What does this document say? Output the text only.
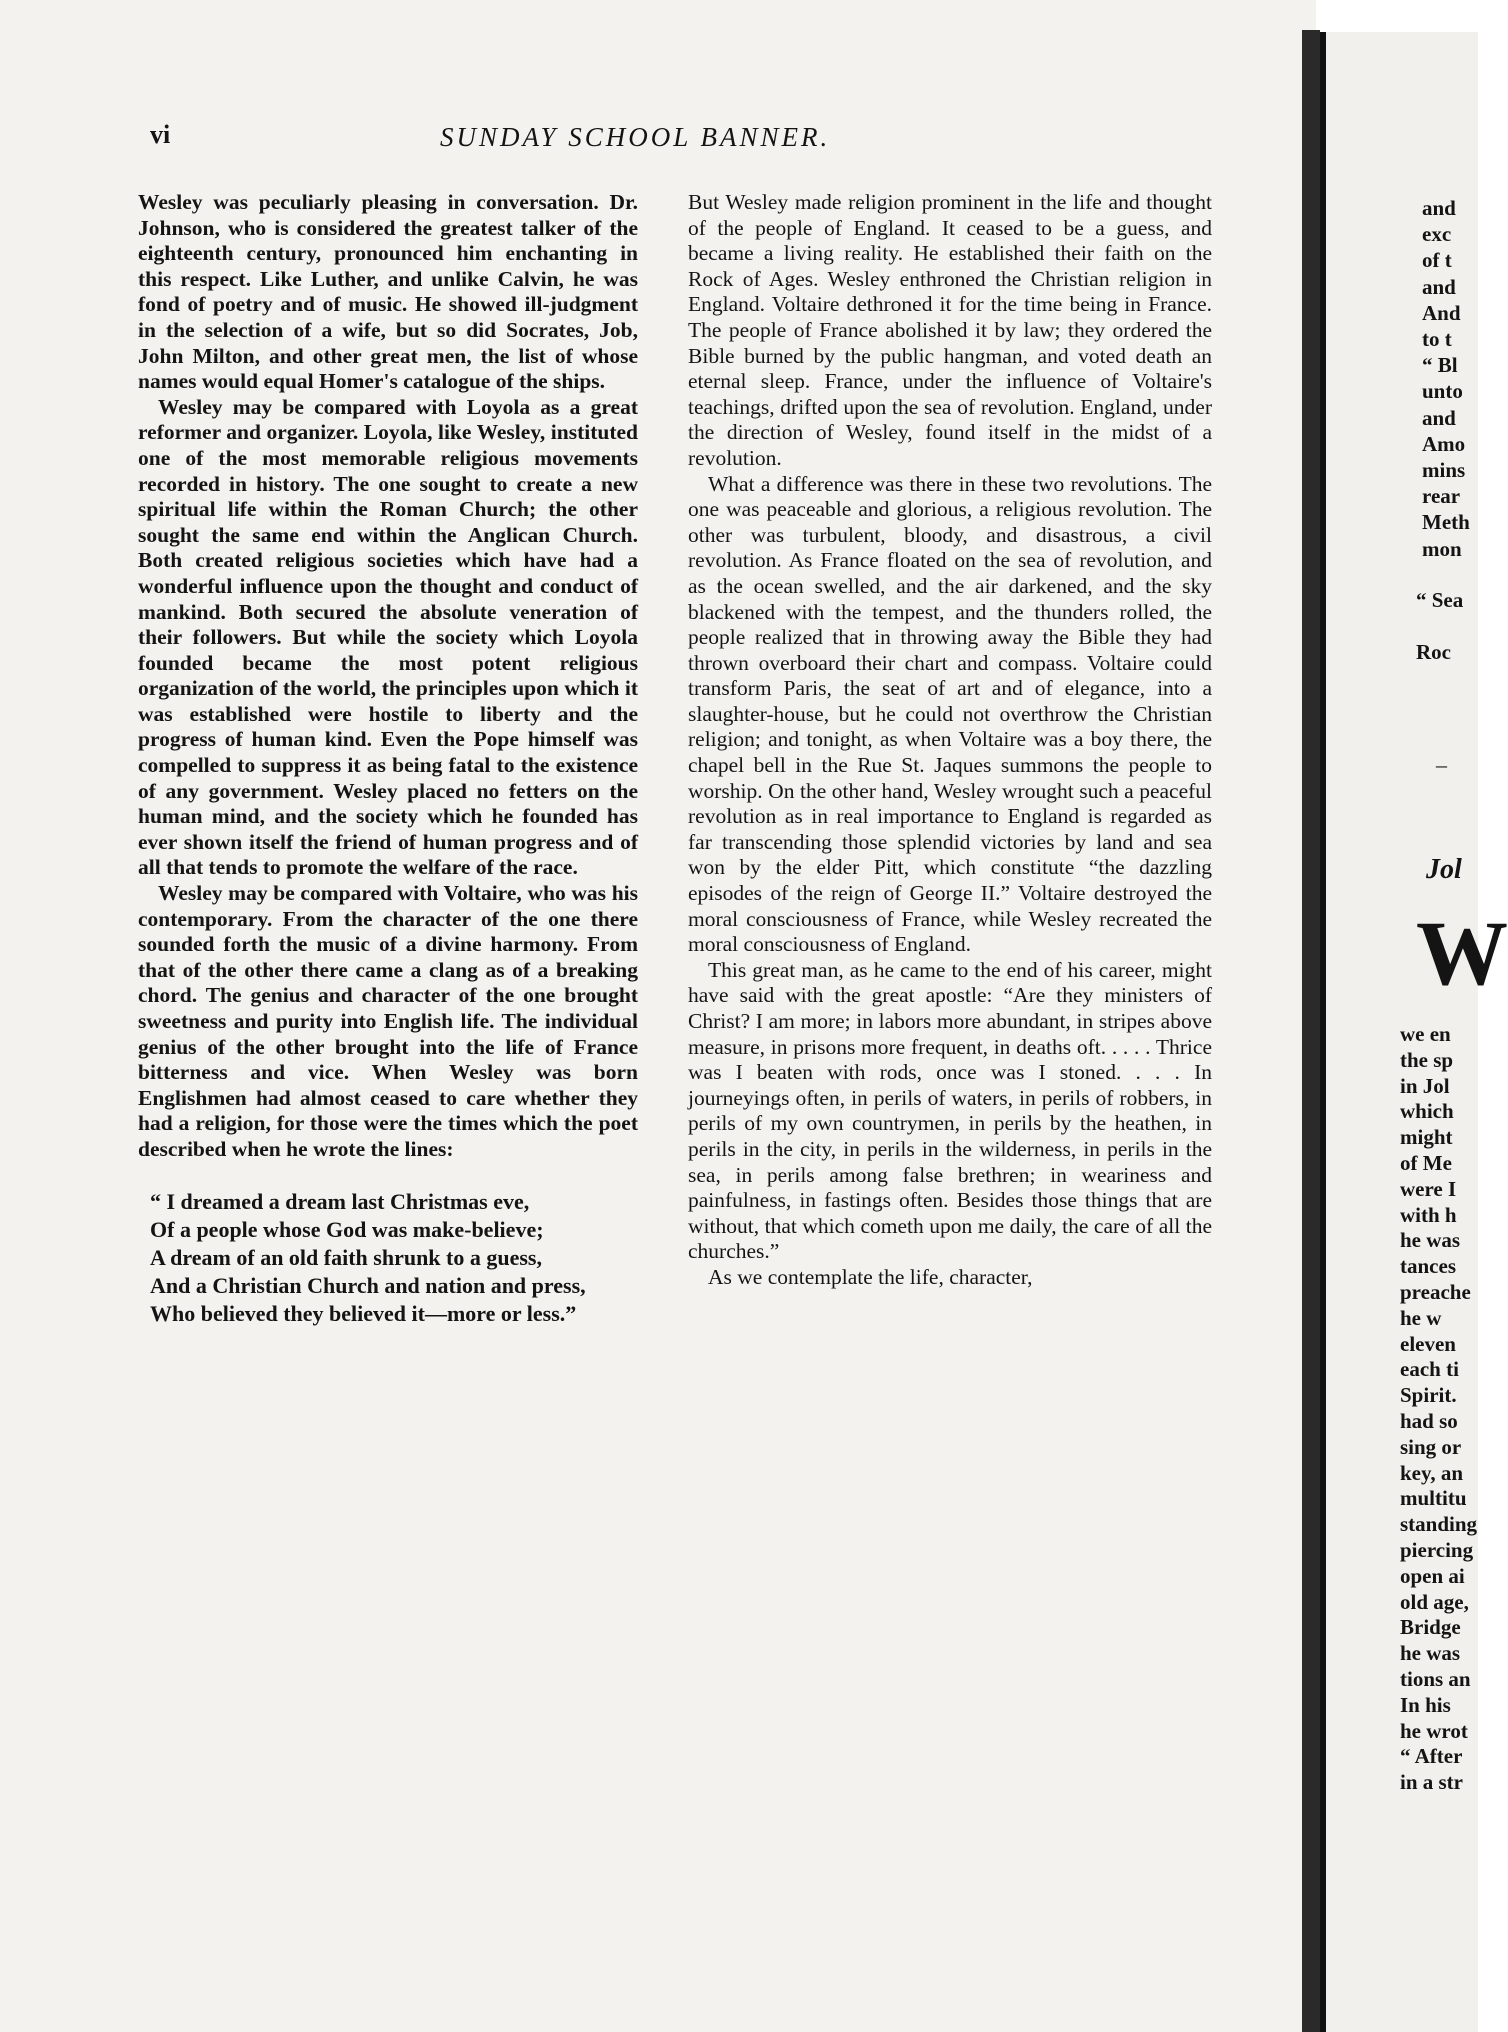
vi	SUNDAY SCHOOL BANNER.

Wesley was peculiarly pleasing in conversation. Dr. Johnson, who is considered the greatest talker of the eighteenth century, pronounced him enchanting in this respect. Like Luther, and unlike Calvin, he was fond of poetry and of music. He showed ill-judgment in the selection of a wife, but so did Socrates, Job, John Milton, and other great men, the list of whose names would equal Homer's catalogue of the ships.

Wesley may be compared with Loyola as a great reformer and organizer. Loyola, like Wesley, instituted one of the most memorable religious movements recorded in history. The one sought to create a new spiritual life within the Roman Church; the other sought the same end within the Anglican Church. Both created religious societies which have had a wonderful influence upon the thought and conduct of mankind. Both secured the absolute veneration of their followers. But while the society which Loyola founded became the most potent religious organization of the world, the principles upon which it was established were hostile to liberty and the progress of human kind. Even the Pope himself was compelled to suppress it as being fatal to the existence of any government. Wesley placed no fetters on the human mind, and the society which he founded has ever shown itself the friend of human progress and of all that tends to promote the welfare of the race.

Wesley may be compared with Voltaire, who was his contemporary. From the character of the one there sounded forth the music of a divine harmony. From that of the other there came a clang as of a breaking chord. The genius and character of the one brought sweetness and purity into English life. The individual genius of the other brought into the life of France bitterness and vice. When Wesley was born Englishmen had almost ceased to care whether they had a religion, for those were the times which the poet described when he wrote the lines:

“ I dreamed a dream last Christmas eve,
Of a people whose God was make-believe;
A dream of an old faith shrunk to a guess,
And a Christian Church and nation and press,
Who believed they believed it—more or less.”

But Wesley made religion prominent in the life and thought of the people of England. It ceased to be a guess, and became a living reality. He established their faith on the Rock of Ages. Wesley enthroned the Christian religion in England. Voltaire dethroned it for the time being in France. The people of France abolished it by law; they ordered the Bible burned by the public hangman, and voted death an eternal sleep. France, under the influence of Voltaire's teachings, drifted upon the sea of revolution. England, under the direction of Wesley, found itself in the midst of a revolution.

What a difference was there in these two revolutions. The one was peaceable and glorious, a religious revolution. The other was turbulent, bloody, and disastrous, a civil revolution. As France floated on the sea of revolution, and as the ocean swelled, and the air darkened, and the sky blackened with the tempest, and the thunders rolled, the people realized that in throwing away the Bible they had thrown overboard their chart and compass. Voltaire could transform Paris, the seat of art and of elegance, into a slaughter-house, but he could not overthrow the Christian religion; and tonight, as when Voltaire was a boy there, the chapel bell in the Rue St. Jaques summons the people to worship. On the other hand, Wesley wrought such a peaceful revolution as in real importance to England is regarded as far transcending those splendid victories by land and sea won by the elder Pitt, which constitute “the dazzling episodes of the reign of George II.” Voltaire destroyed the moral consciousness of France, while Wesley recreated the moral consciousness of England.

This great man, as he came to the end of his career, might have said with the great apostle: “Are they ministers of Christ? I am more; in labors more abundant, in stripes above measure, in prisons more frequent, in deaths oft. . . . . Thrice was I beaten with rods, once was I stoned. . . . In journeyings often, in perils of waters, in perils of robbers, in perils of my own countrymen, in perils by the heathen, in perils in the city, in perils in the wilderness, in perils in the sea, in perils among false brethren; in weariness and painfulness, in fastings often. Besides those things that are without, that which cometh upon me daily, the care of all the churches.”

As we contemplate the life, character,

and
exc
of t
and
And
to t
“ Bl
unto
and
Amo
mins
rear
Meth
mon
“ Sea
Roc
–
Jol
W
we en
the sp
in Jol
which
might
of Me
were I
with h
he was
tances
preache
he w
eleven
each ti
Spirit.
had so
sing or
key, an
multitu
standing
piercing
open ai
old age,
Bridge
he was
tions an
In his
he wrot
“ After
in a str
